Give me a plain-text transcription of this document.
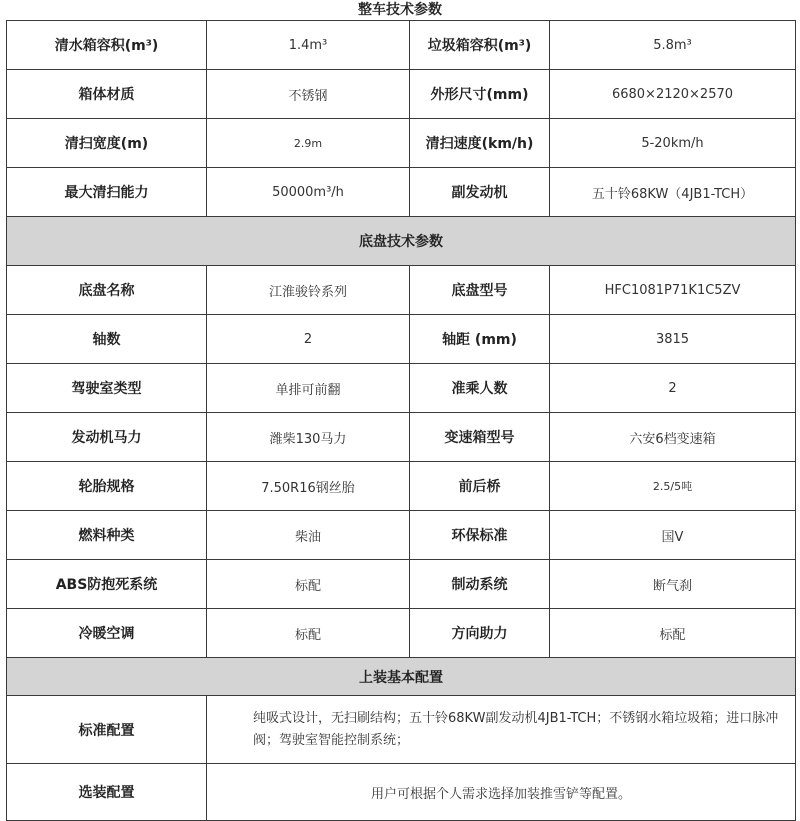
整车技术参数
清水箱容积(m³)	1.4m³	垃圾箱容积(m³)	5.8m³
箱体材质	不锈钢	外形尺寸(mm)	6680×2120×2570
清扫宽度(m)	2.9m	清扫速度(km/h)	5-20km/h
最大清扫能力	50000m³/h	副发动机	五十铃68KW（4JB1-TCH）
底盘技术参数			
底盘名称	江淮骏铃系列	底盘型号	HFC1081P71K1C5ZV
轴数	2	轴距 (mm)	3815
驾驶室类型	单排可前翻	准乘人数	2
发动机马力	潍柴130马力	变速箱型号	六安6档变速箱
轮胎规格	7.50R16钢丝胎	前后桥	2.5/5吨
燃料种类	柴油	环保标准	国V
ABS防抱死系统	标配	制动系统	断气刹
冷暖空调	标配	方向助力	标配
上装基本配置			
标准配置	纯吸式设计，无扫刷结构；五十铃68KW副发动机4JB1-TCH；不锈钢水箱垃圾箱；进口脉冲阀；驾驶室智能控制系统；		
选装配置	用户可根据个人需求选择加装推雪铲等配置。		
